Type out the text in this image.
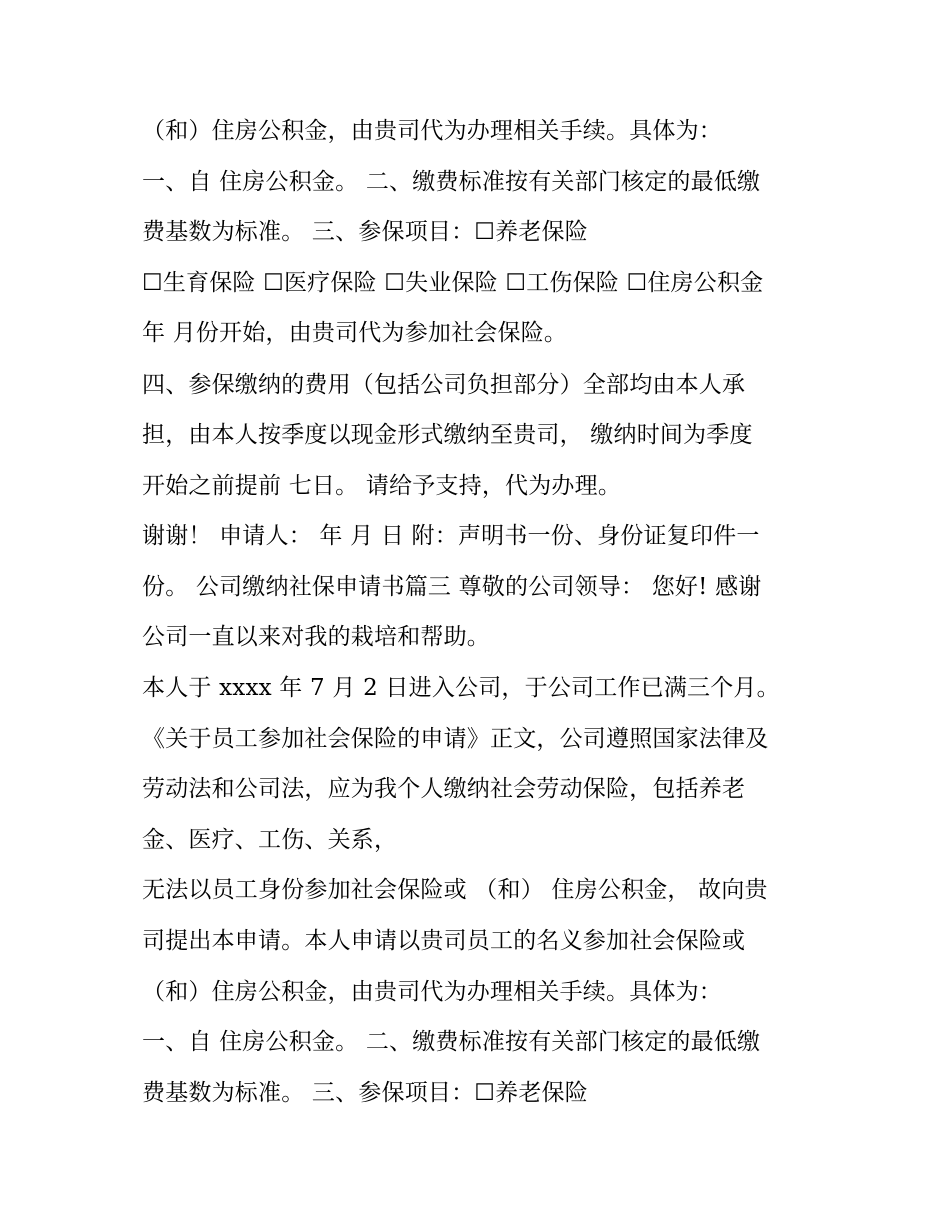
（和）住房公积金，由贵司代为办理相关手续。具体为：
一、自 住房公积金。 二、缴费标准按有关部门核定的最低缴
费基数为标准。 三、参保项目：☐养老保险
☐生育保险 ☐医疗保险 ☐失业保险 ☐工伤保险 ☐住房公积金
年 月份开始，由贵司代为参加社会保险。
四、参保缴纳的费用（包括公司负担部分）全部均由本人承
担，由本人按季度以现金形式缴纳至贵司， 缴纳时间为季度
开始之前提前 七日。 请给予支持，代为办理。
谢谢！ 申请人： 年 月 日 附：声明书一份、身份证复印件一
份。 公司缴纳社保申请书篇三 尊敬的公司领导： 您好! 感谢
公司一直以来对我的栽培和帮助。
本人于 xxxx 年 7 月 2 日进入公司，于公司工作已满三个月。
《关于员工参加社会保险的申请》正文，公司遵照国家法律及
劳动法和公司法，应为我个人缴纳社会劳动保险，包括养老
金、医疗、工伤、关系，
无法以员工身份参加社会保险或 （和） 住房公积金， 故向贵
司提出本申请。本人申请以贵司员工的名义参加社会保险或
（和）住房公积金，由贵司代为办理相关手续。具体为：
一、自 住房公积金。 二、缴费标准按有关部门核定的最低缴
费基数为标准。 三、参保项目：☐养老保险
